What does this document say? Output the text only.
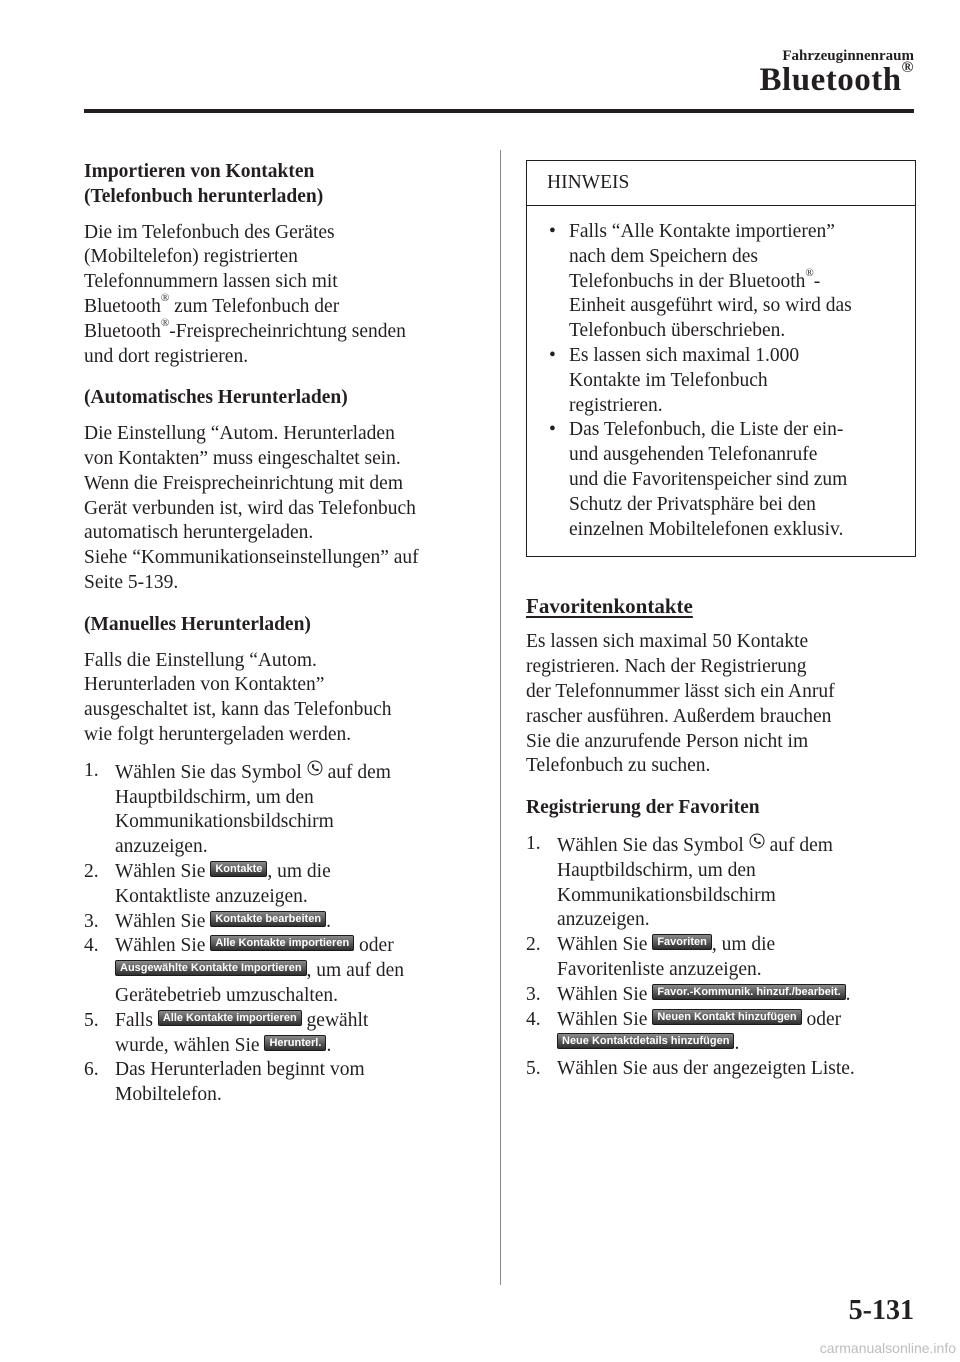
Fahrzeuginnenraum
Bluetooth®

Importieren von Kontakten

(Telefonbuch herunterladen)

Die im Telefonbuch des Gerätes

(Mobiltelefon) registrierten

Telefonnummern lassen sich mit

Bluetooth® zum Telefonbuch der

Bluetooth®-Freisprecheinrichtung senden

und dort registrieren.

(Automatisches Herunterladen)

Die Einstellung “Autom. Herunterladen

von Kontakten” muss eingeschaltet sein.

Wenn die Freisprecheinrichtung mit dem

Gerät verbunden ist, wird das Telefonbuch

automatisch heruntergeladen.

Siehe “Kommunikationseinstellungen” auf

Seite 5-139.

(Manuelles Herunterladen)

Falls die Einstellung “Autom.

Herunterladen von Kontakten”

ausgeschaltet ist, kann das Telefonbuch

wie folgt heruntergeladen werden.

1. Wählen Sie das Symbol  auf dem
Hauptbildschirm, um den
Kommunikationsbildschirm
anzuzeigen.
2. Wählen Sie Kontakte , um die
Kontaktliste anzuzeigen.
3. Wählen Sie Kontakte bearbeiten .
4. Wählen Sie Alle Kontakte importieren oder
Ausgewählte Kontakte Importieren , um auf den
Gerätebetrieb umzuschalten.
5. Falls Alle Kontakte importieren gewählt
wurde, wählen Sie Herunterl. .
6. Das Herunterladen beginnt vom
Mobiltelefon.
HINWEIS
• Falls “Alle Kontakte importieren”
nach dem Speichern des
Telefonbuchs in der Bluetooth®-
Einheit ausgeführt wird, so wird das
Telefonbuch überschrieben.
• Es lassen sich maximal 1.000
Kontakte im Telefonbuch
registrieren.
• Das Telefonbuch, die Liste der ein-
und ausgehenden Telefonanrufe
und die Favoritenspeicher sind zum
Schutz der Privatsphäre bei den
einzelnen Mobiltelefonen exklusiv.

Favoritenkontakte

Es lassen sich maximal 50 Kontakte

registrieren. Nach der Registrierung

der Telefonnummer lässt sich ein Anruf

rascher ausführen. Außerdem brauchen

Sie die anzurufende Person nicht im

Telefonbuch zu suchen.

Registrierung der Favoriten

1. Wählen Sie das Symbol  auf dem
Hauptbildschirm, um den
Kommunikationsbildschirm
anzuzeigen.
2. Wählen Sie Favoriten , um die
Favoritenliste anzuzeigen.
3. Wählen Sie Favor.-Kommunik. hinzuf./bearbeit. .
4. Wählen Sie Neuen Kontakt hinzufügen oder
Neue Kontaktdetails hinzufügen .
5. Wählen Sie aus der angezeigten Liste.
5-131
carmanualsonline.info
